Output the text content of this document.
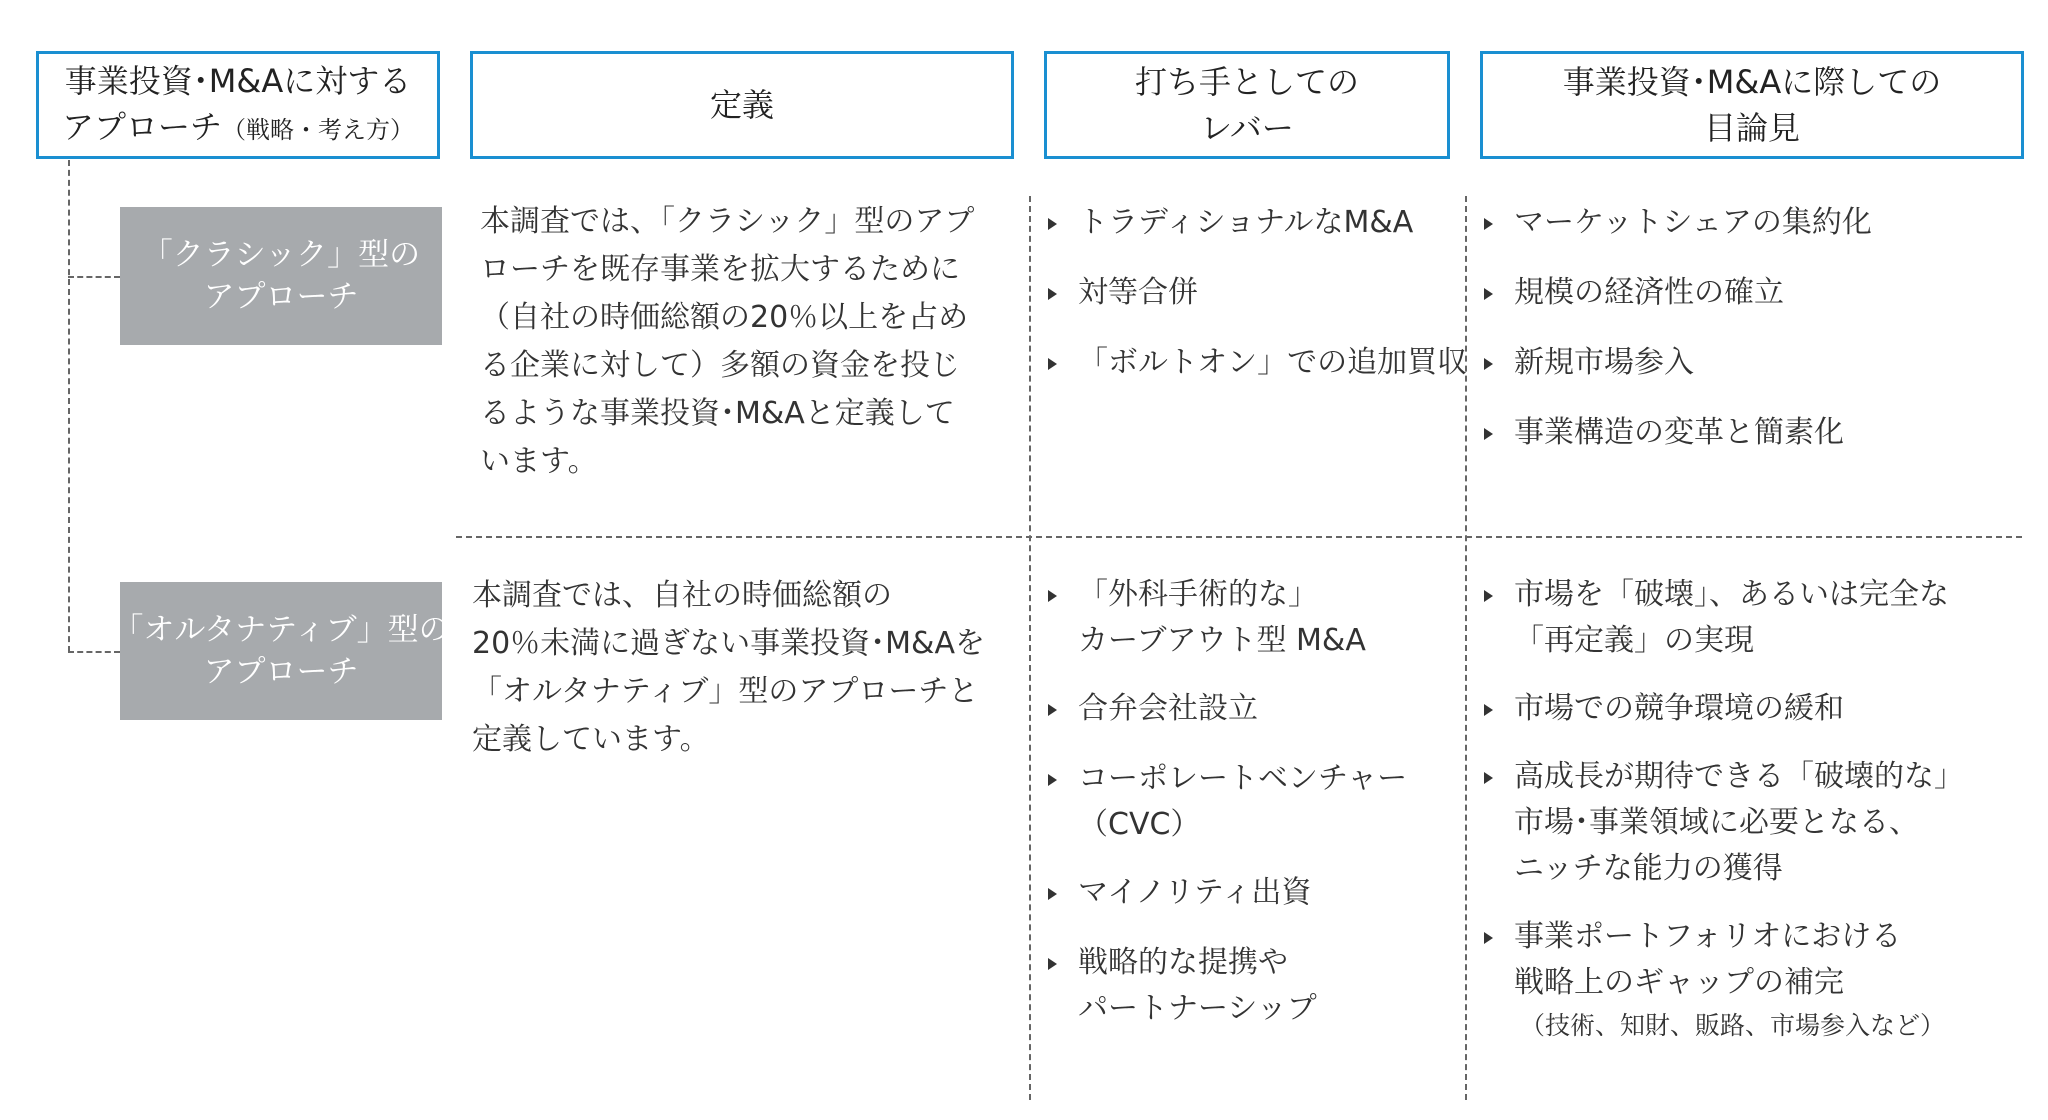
事業投資･M&Aに対する
アプローチ（戦略・考え方）
定義
打ち手としての
レバー
事業投資･M&Aに際しての
目論見
「クラシック」型の
アプローチ
本調査では、「クラシック」型のアプ
ローチを既存事業を拡大するために
（自社の時価総額の20％以上を占め
る企業に対して）多額の資金を投じ
るような事業投資･M&Aと定義して
います。
トラディショナルなM&A
対等合併
「ボルトオン」での追加買収
マーケットシェアの集約化
規模の経済性の確立
新規市場参入
事業構造の変革と簡素化
「オルタナティブ」型の
アプローチ
本調査では、自社の時価総額の
20％未満に過ぎない事業投資･M&Aを
「オルタナティブ」型のアプローチと
定義しています。
「外科手術的な」
カーブアウト型 M&A
合弁会社設立
コーポレートベンチャー
（CVC）
マイノリティ出資
戦略的な提携や
パートナーシップ
市場を「破壊」、あるいは完全な
「再定義」の実現
市場での競争環境の緩和
高成長が期待できる「破壊的な」
市場･事業領域に必要となる、
ニッチな能力の獲得
事業ポートフォリオにおける
戦略上のギャップの補完
（技術、知財、販路、市場参入など）
